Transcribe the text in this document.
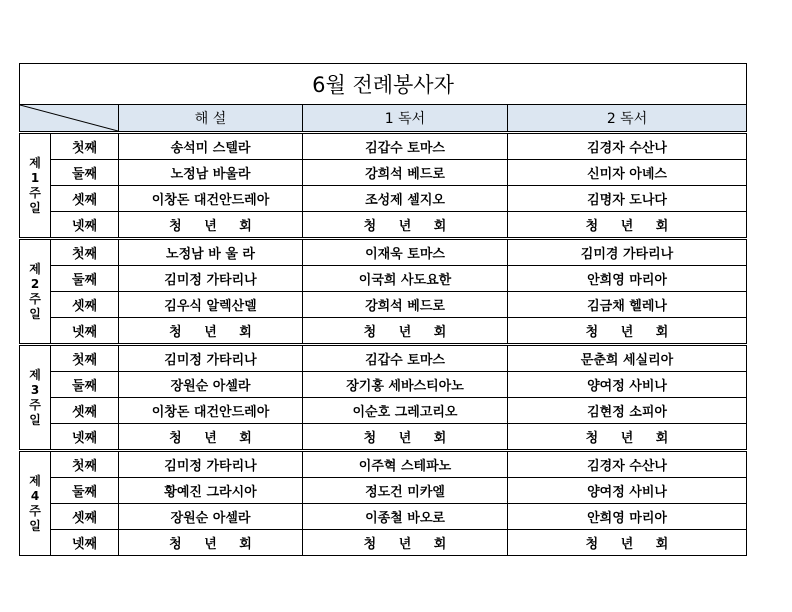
6월 전례봉사자				

	해 설	1 독서	2 독서

제
1
주
일	첫째	송석미 스텔라	김갑수 토마스	김경자 수산나
	둘째	노정남 바울라	강희석 베드로	신미자 아녜스
	셋째	이창돈 대건안드레아	조성제 셀지오	김명자 도나다
	넷째	청 년 회	청 년 회	청 년 회

제
2
주
일	첫째	노정남 바 울 라	이재욱 토마스	김미경 가타리나
	둘째	김미정 가타리나	이국희 사도요한	안희영 마리아
	셋째	김우식 알렉산델	강희석 베드로	김금채 헬레나
	넷째	청 년 회	청 년 회	청 년 회

제
3
주
일	첫째	김미정 가타리나	김갑수 토마스	문춘희 세실리아
	둘째	장원순 아셀라	장기홍 세바스티아노	양여정 사비나
	셋째	이창돈 대건안드레아	이순호 그레고리오	김현정 소피아
	넷째	청 년 회	청 년 회	청 년 회

제
4
주
일	첫째	김미정 가타리나	이주혁 스테파노	김경자 수산나
	둘째	황예진 그라시아	정도건 미카엘	양여정 사비나
	셋째	장원순 아셀라	이종철 바오로	안희영 마리아
	넷째	청 년 회	청 년 회	청 년 회
